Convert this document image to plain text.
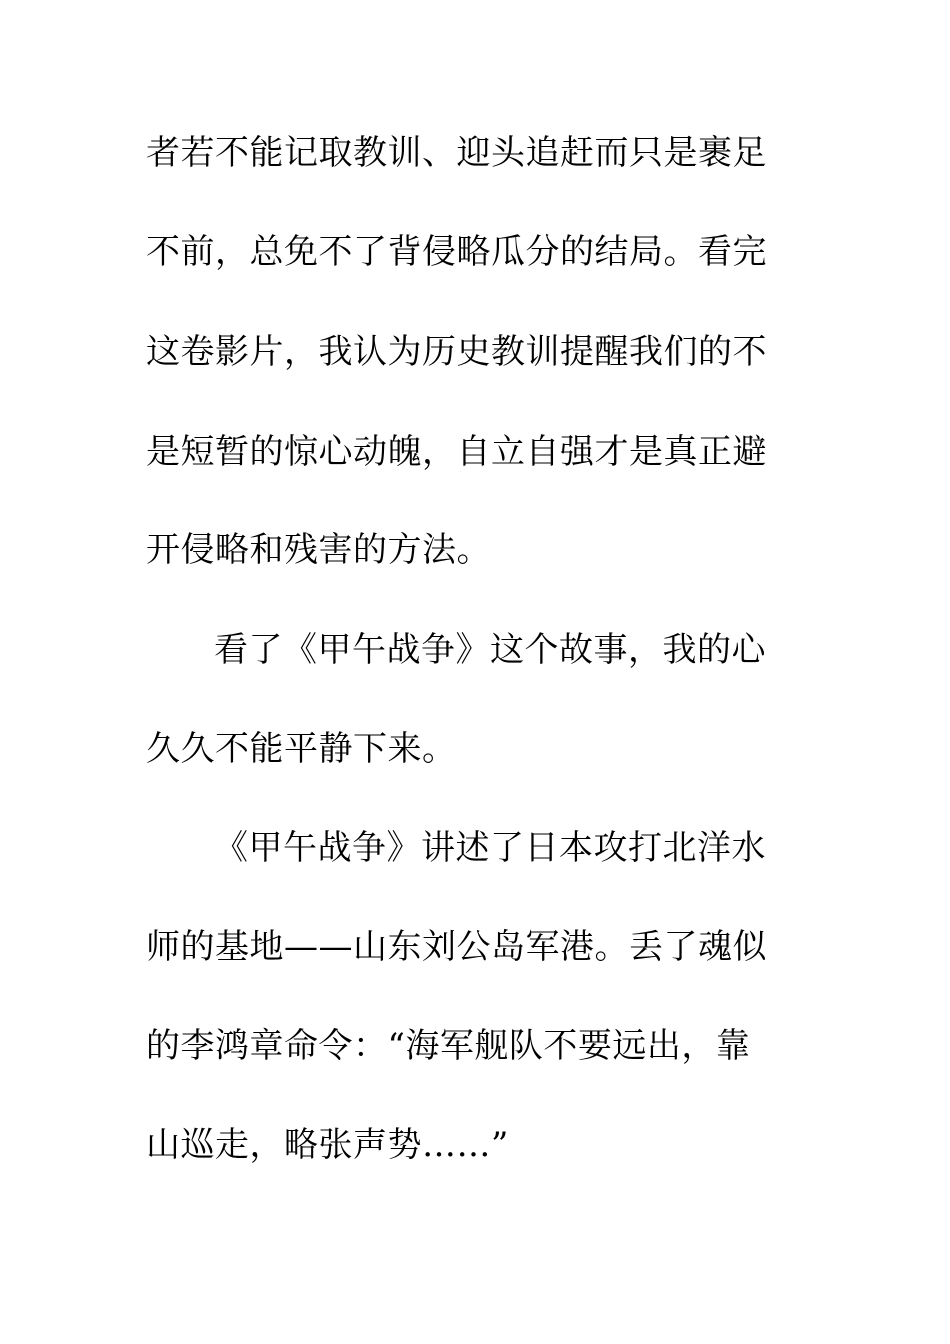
者若不能记取教训、迎头追赶而只是裹足
不前，总免不了背侵略瓜分的结局。看完
这卷影片，我认为历史教训提醒我们的不
是短暂的惊心动魄，自立自强才是真正避
开侵略和残害的方法。
看了《甲午战争》这个故事，我的心
久久不能平静下来。
《甲午战争》讲述了日本攻打北洋水
师的基地——山东刘公岛军港。丢了魂似
的李鸿章命令：“海军舰队不要远出，靠
山巡走，略张声势……”
